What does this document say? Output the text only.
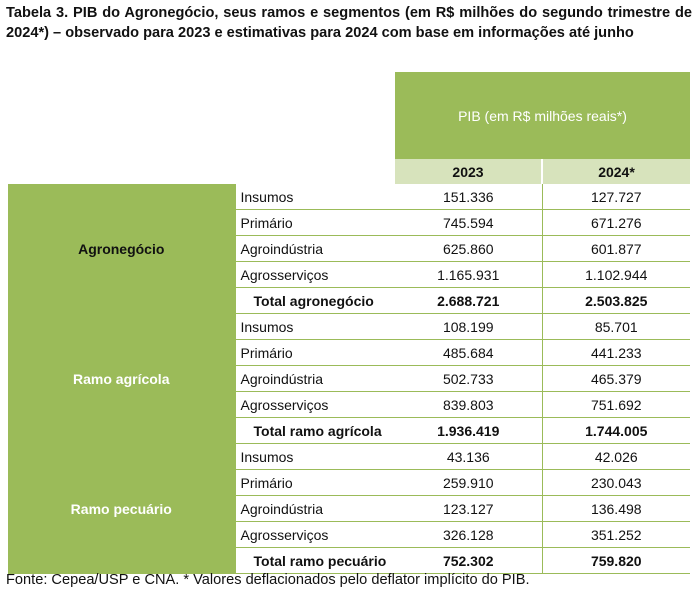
Tabela 3. PIB do Agronegócio, seus ramos e segmentos (em R$ milhões do segundo trimestre de 2024*) – observado para 2023 e estimativas para 2024 com base em informações até junho
		PIB (em R$ milhões reais*)	
		2023	2024*
Agronegócio	Insumos	151.336	127.727
	Primário	745.594	671.276
	Agroindústria	625.860	601.877
	Agrosserviços	1.165.931	1.102.944
	Total agronegócio	2.688.721	2.503.825
Ramo agrícola	Insumos	108.199	85.701
	Primário	485.684	441.233
	Agroindústria	502.733	465.379
	Agrosserviços	839.803	751.692
	Total ramo agrícola	1.936.419	1.744.005
Ramo pecuário	Insumos	43.136	42.026
	Primário	259.910	230.043
	Agroindústria	123.127	136.498
	Agrosserviços	326.128	351.252
	Total ramo pecuário	752.302	759.820
Fonte: Cepea/USP e CNA. * Valores deflacionados pelo deflator implícito do PIB.
